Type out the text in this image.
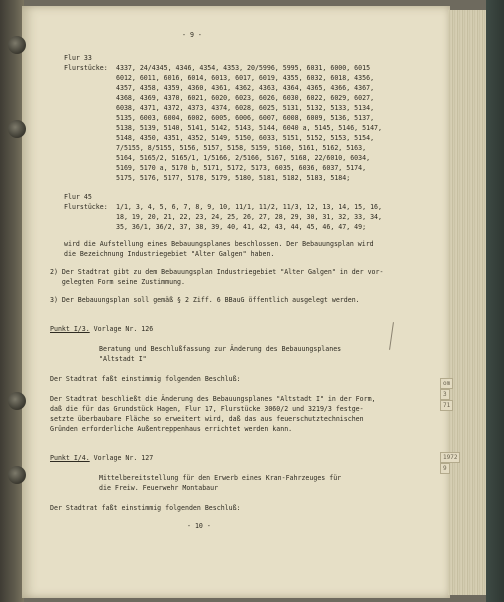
om
3
71
1972
9

- 9 -

Flur 33

Flurstücke:

4337, 24/4345, 4346, 4354, 4353, 20/5996, 5995, 6031, 6000, 6015

6012, 6011, 6016, 6014, 6013, 6017, 6019, 4355, 6032, 6018, 4356,

4357, 4358, 4359, 4360, 4361, 4362, 4363, 4364, 4365, 4366, 4367,

4368, 4369, 4370, 6021, 6020, 6023, 6026, 6030, 6022, 6029, 6027,

6038, 4371, 4372, 4373, 4374, 6028, 6025, 5131, 5132, 5133, 5134,

5135, 6003, 6004, 6002, 6005, 6006, 6007, 6008, 6009, 5136, 5137,

5138, 5139, 5140, 5141, 5142, 5143, 5144, 6040 a, 5145, 5146, 5147,

5148, 4350, 4351, 4352, 5149, 5150, 6033, 5151, 5152, 5153, 5154,

7/5155, 8/5155, 5156, 5157, 5158, 5159, 5160, 5161, 5162, 5163,

5164, 5165/2, 5165/1, 1/5166, 2/5166, 5167, 5168, 22/6010, 6034,

5169, 5170 a, 5170 b, 5171, 5172, 5173, 6035, 6036, 6037, 5174,

5175, 5176, 5177, 5178, 5179, 5180, 5181, 5182, 5183, 5184;

Flur 45

Flurstücke:

1/1, 3, 4, 5, 6, 7, 8, 9, 10, 11/1, 11/2, 11/3, 12, 13, 14, 15, 16,

18, 19, 20, 21, 22, 23, 24, 25, 26, 27, 28, 29, 30, 31, 32, 33, 34,

35, 36/1, 36/2, 37, 38, 39, 40, 41, 42, 43, 44, 45, 46, 47, 49;

wird die Aufstellung eines Bebauungsplanes beschlossen. Der Bebauungsplan wird

die Bezeichnung Industriegebiet "Alter Galgen" haben.

2) Der Stadtrat gibt zu dem Bebauungsplan Industriegebiet "Alter Galgen" in der vor-

gelegten Form seine Zustimmung.

3) Der Bebauungsplan soll gemäß § 2 Ziff. 6 BBauG öffentlich ausgelegt werden.

Punkt I/3. Vorlage Nr. 126

Beratung und Beschlußfassung zur Änderung des Bebauungsplanes

"Altstadt I"

Der Stadtrat faßt einstimmig folgenden Beschluß:

Der Stadtrat beschließt die Änderung des Bebauungsplanes "Altstadt I" in der Form,

daß die für das Grundstück Hagen, Flur 17, Flurstücke 3060/2 und 3219/3 festge-

setzte überbaubare Fläche so erweitert wird, daß das aus feuerschutztechnischen

Gründen erforderliche Außentreppenhaus errichtet werden kann.

Punkt I/4. Vorlage Nr. 127

Mittelbereitstellung für den Erwerb eines Kran-Fahrzeuges für

die Freiw. Feuerwehr Montabaur

Der Stadtrat faßt einstimmig folgenden Beschluß:

- 10 -
